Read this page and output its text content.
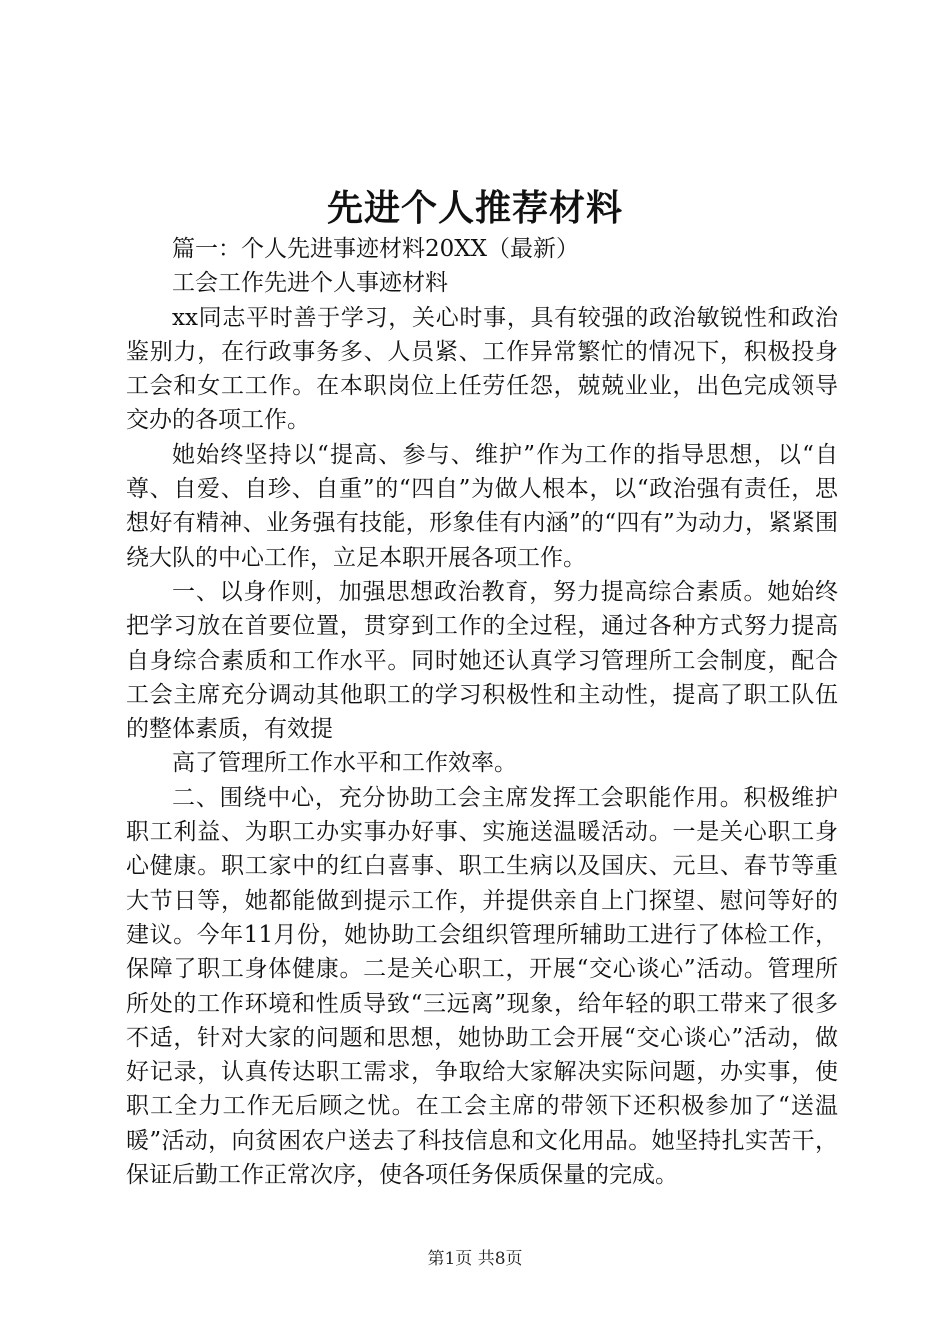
先进个人推荐材料

篇一：个人先进事迹材料20XX（最新）

工会工作先进个人事迹材料

xx同志平时善于学习，关心时事，具有较强的政治敏锐性和政治鉴别力，在行政事务多、人员紧、工作异常繁忙的情况下，积极投身工会和女工工作。在本职岗位上任劳任怨，兢兢业业，出色完成领导交办的各项工作。

她始终坚持以“提高、参与、维护”作为工作的指导思想，以“自尊、自爱、自珍、自重”的“四自”为做人根本，以“政治强有责任，思想好有精神、业务强有技能，形象佳有内涵”的“四有”为动力，紧紧围绕大队的中心工作，立足本职开展各项工作。

一、以身作则，加强思想政治教育，努力提高综合素质。她始终把学习放在首要位置，贯穿到工作的全过程，通过各种方式努力提高自身综合素质和工作水平。同时她还认真学习管理所工会制度，配合工会主席充分调动其他职工的学习积极性和主动性，提高了职工队伍的整体素质，有效提

高了管理所工作水平和工作效率。

二、围绕中心，充分协助工会主席发挥工会职能作用。积极维护职工利益、为职工办实事办好事、实施送温暖活动。一是关心职工身心健康。职工家中的红白喜事、职工生病以及国庆、元旦、春节等重大节日等，她都能做到提示工作，并提供亲自上门探望、慰问等好的建议。今年11月份，她协助工会组织管理所辅助工进行了体检工作，保障了职工身体健康。二是关心职工，开展“交心谈心”活动。管理所所处的工作环境和性质导致“三远离”现象，给年轻的职工带来了很多不适，针对大家的问题和思想，她协助工会开展“交心谈心”活动，做好记录，认真传达职工需求，争取给大家解决实际问题，办实事，使职工全力工作无后顾之忧。在工会主席的带领下还积极参加了“送温暖”活动，向贫困农户送去了科技信息和文化用品。她坚持扎实苦干，保证后勤工作正常次序，使各项任务保质保量的完成。

第1页 共8页
